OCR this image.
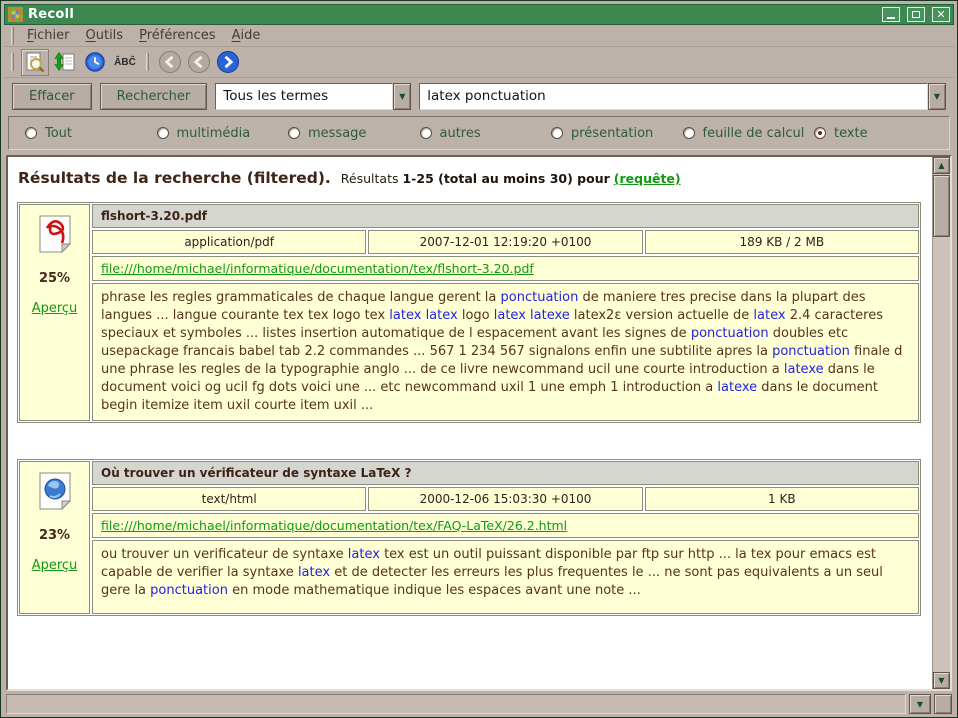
Recoll	✕
Fichier	Outils	Préférences	Aide
ÂBĈ
Effacer	Rechercher	Tous les termes	▼
latex ponctuation	▼
Tout	multimédia	message	autres	présentation	feuille de calcul texte
Résultats de la recherche (filtered). Résultats 1-25 (total au moins 30) pour (requête)
25%
Aperçu
flshort-3.20.pdf
application/pdf	2007-12-01 12:19:20 +0100	189 KB / 2 MB
file:///home/michael/informatique/documentation/tex/flshort-3.20.pdf
phrase les regles grammaticales de chaque langue gerent la ponctuation de maniere tres precise dans la plupart des langues ... langue courante tex tex logo tex latex latex logo latex latexe latex2ε version actuelle de latex 2.4 caracteres speciaux et symboles ... listes insertion automatique de l espacement avant les signes de ponctuation doubles etc usepackage francais babel tab 2.2 commandes ... 567 1 234 567 signalons enfin une subtilite apres la ponctuation finale d une phrase les regles de la typographie anglo ... de ce livre newcommand ucil une courte introduction a latexe dans le document voici og ucil fg dots voici une ... etc newcommand uxil 1 une emph 1 introduction a latexe dans le document begin itemize item uxil courte item uxil ...
23%
Aperçu
Où trouver un vérificateur de syntaxe LaTeX ?
text/html	2000-12-06 15:03:30 +0100	1 KB
file:///home/michael/informatique/documentation/tex/FAQ-LaTeX/26.2.html
ou trouver un verificateur de syntaxe latex tex est un outil puissant disponible par ftp sur http ... la tex pour emacs est capable de verifier la syntaxe latex et de detecter les erreurs les plus frequentes le ... ne sont pas equivalents a un seul gere la ponctuation en mode mathematique indique les espaces avant une note ...
▲
▼
▼
